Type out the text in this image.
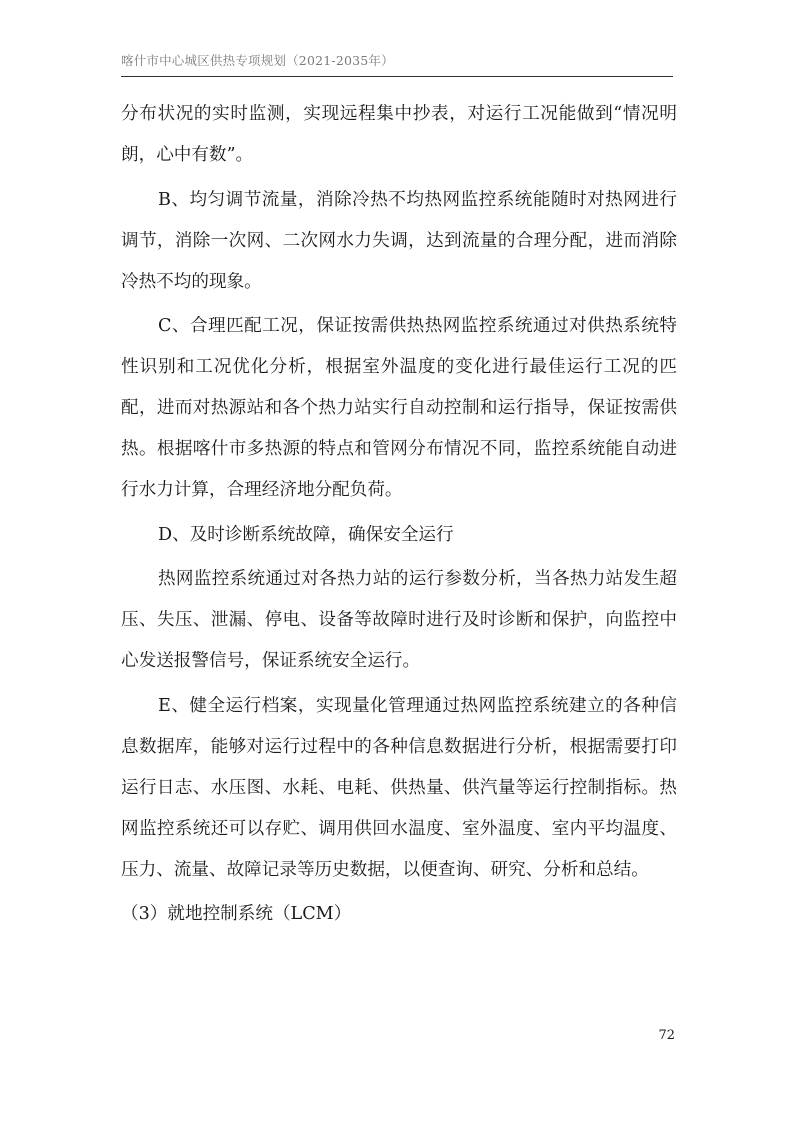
喀什市中心城区供热专项规划（2021-2035年）

分布状况的实时监测，实现远程集中抄表，对运行工况能做到“情况明朗，心中有数”。

B、均匀调节流量，消除冷热不均热网监控系统能随时对热网进行调节，消除一次网、二次网水力失调，达到流量的合理分配，进而消除冷热不均的现象。

C、合理匹配工况，保证按需供热热网监控系统通过对供热系统特性识别和工况优化分析，根据室外温度的变化进行最佳运行工况的匹配，进而对热源站和各个热力站实行自动控制和运行指导，保证按需供热。根据喀什市多热源的特点和管网分布情况不同，监控系统能自动进行水力计算，合理经济地分配负荷。

D、及时诊断系统故障，确保安全运行

热网监控系统通过对各热力站的运行参数分析，当各热力站发生超压、失压、泄漏、停电、设备等故障时进行及时诊断和保护，向监控中心发送报警信号，保证系统安全运行。

E、健全运行档案，实现量化管理通过热网监控系统建立的各种信息数据库，能够对运行过程中的各种信息数据进行分析，根据需要打印运行日志、水压图、水耗、电耗、供热量、供汽量等运行控制指标。热网监控系统还可以存贮、调用供回水温度、室外温度、室内平均温度、压力、流量、故障记录等历史数据，以便查询、研究、分析和总结。

（3）就地控制系统（LCM）

72
